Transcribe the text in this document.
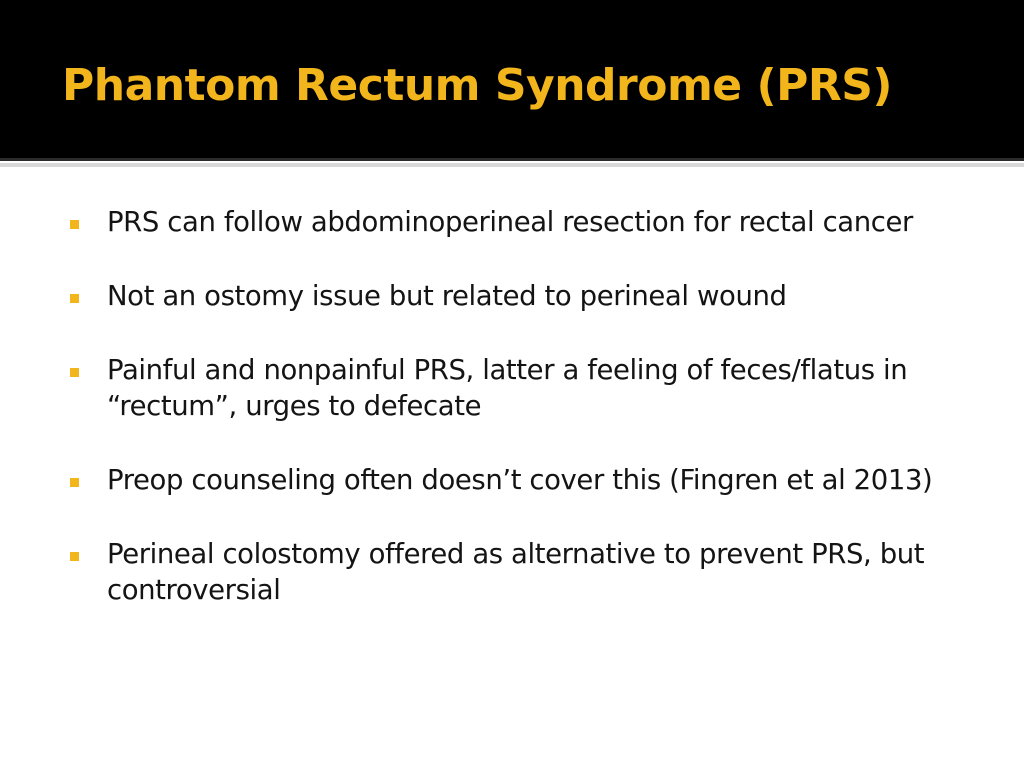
Phantom Rectum Syndrome (PRS)
PRS can follow abdominoperineal resection for rectal cancer
Not an ostomy issue but related to perineal wound
Painful and nonpainful PRS, latter a feeling of feces/flatus in “rectum”, urges to defecate
Preop counseling often doesn’t cover this (Fingren et al 2013)
Perineal colostomy offered as alternative to prevent PRS, but controversial
